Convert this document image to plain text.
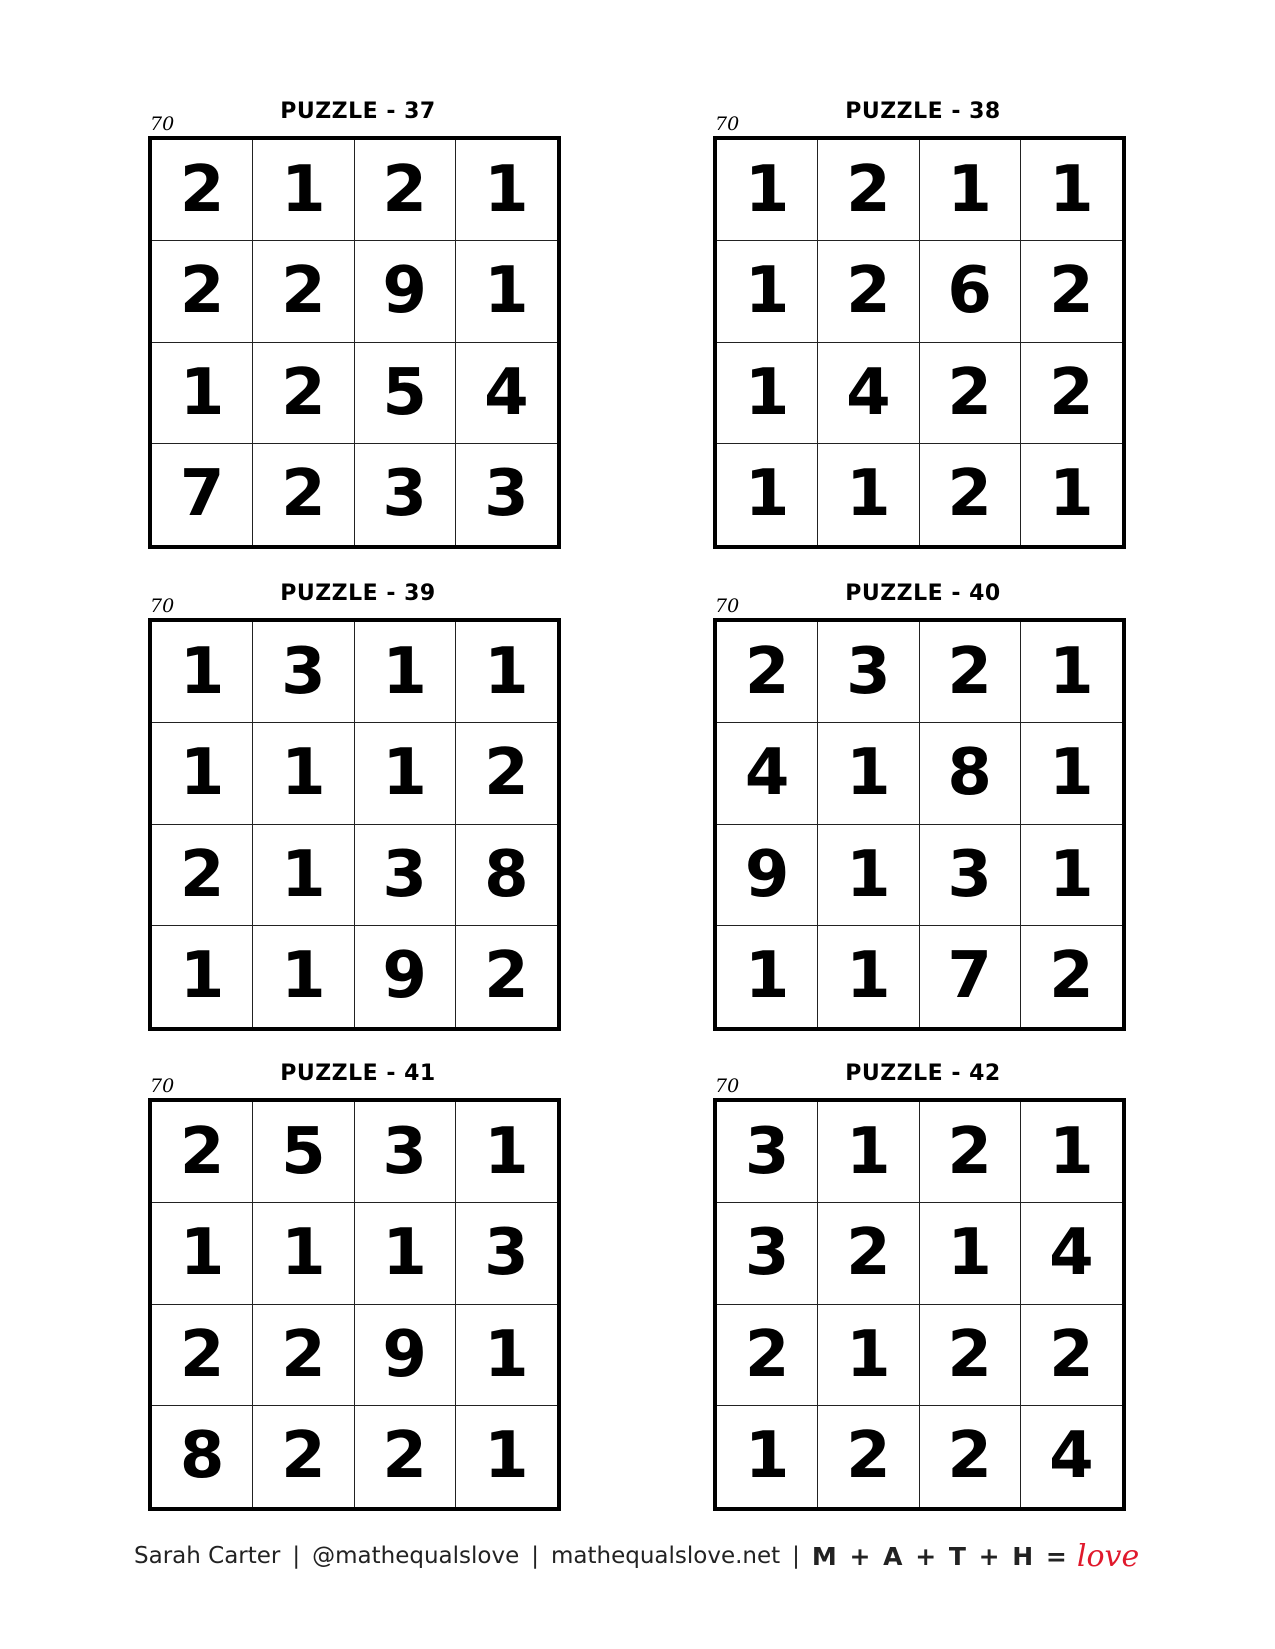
PUZZLE - 37
70
2 1 2 1
2 2 9 1
1 2 5 4
7 2 3 3
PUZZLE - 38
70
1 2 1 1
1 2 6 2
1 4 2 2
1 1 2 1
PUZZLE - 39
70
1 3 1 1
1 1 1 2
2 1 3 8
1 1 9 2
PUZZLE - 40
70
2 3 2 1
4 1 8 1
9 1 3 1
1 1 7 2
PUZZLE - 41
70
2 5 3 1
1 1 1 3
2 2 9 1
8 2 2 1
PUZZLE - 42
70
3 1 2 1
3 2 1 4
2 1 2 2
1 2 2 4
Sarah Carter | @mathequalslove | mathequalslove.net | M + A + T + H = love
